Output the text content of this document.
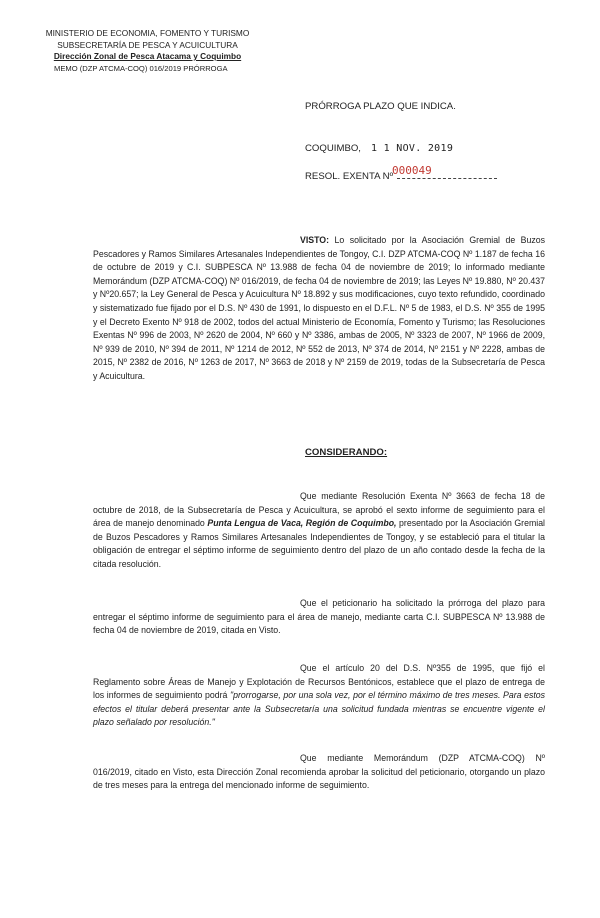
MINISTERIO DE ECONOMIA, FOMENTO Y TURISMO
SUBSECRETARÍA DE PESCA Y ACUICULTURA
Dirección Zonal de Pesca Atacama y Coquimbo
MEMO (DZP ATCMA-COQ) 016/2019 PRÓRROGA
PRÓRROGA PLAZO QUE INDICA.
COQUIMBO, 1 1 NOV. 2019
RESOL. EXENTA Nº
000049
VISTO: Lo solicitado por la Asociación Gremial de Buzos Pescadores y Ramos Similares Artesanales Independientes de Tongoy, C.I. DZP ATCMA-COQ Nº 1.187 de fecha 16 de octubre de 2019 y C.I. SUBPESCA Nº 13.988 de fecha 04 de noviembre de 2019; lo informado mediante Memorándum (DZP ATCMA-COQ) Nº 016/2019, de fecha 04 de noviembre de 2019; las Leyes Nº 19.880, Nº 20.437 y Nº20.657; la Ley General de Pesca y Acuicultura Nº 18.892 y sus modificaciones, cuyo texto refundido, coordinado y sistematizado fue fijado por el D.S. Nº 430 de 1991, lo dispuesto en el D.F.L. Nº 5 de 1983, el D.S. Nº 355 de 1995 y el Decreto Exento Nº 918 de 2002, todos del actual Ministerio de Economía, Fomento y Turismo; las Resoluciones Exentas Nº 996 de 2003, Nº 2620 de 2004, Nº 660 y Nº 3386, ambas de 2005, Nº 3323 de 2007, Nº 1966 de 2009, Nº 939 de 2010, Nº 394 de 2011, Nº 1214 de 2012, Nº 552 de 2013, Nº 374 de 2014, Nº 2151 y Nº 2228, ambas de 2015, Nº 2382 de 2016, Nº 1263 de 2017, Nº 3663 de 2018 y Nº 2159 de 2019, todas de la Subsecretaría de Pesca y Acuicultura.
CONSIDERANDO:
Que mediante Resolución Exenta Nº 3663 de fecha 18 de octubre de 2018, de la Subsecretaría de Pesca y Acuicultura, se aprobó el sexto informe de seguimiento para el área de manejo denominado Punta Lengua de Vaca, Región de Coquimbo, presentado por la Asociación Gremial de Buzos Pescadores y Ramos Similares Artesanales Independientes de Tongoy, y se estableció para el titular la obligación de entregar el séptimo informe de seguimiento dentro del plazo de un año contado desde la fecha de la citada resolución.
Que el peticionario ha solicitado la prórroga del plazo para entregar el séptimo informe de seguimiento para el área de manejo, mediante carta C.I. SUBPESCA Nº 13.988 de fecha 04 de noviembre de 2019, citada en Visto.
Que el artículo 20 del D.S. Nº355 de 1995, que fijó el Reglamento sobre Áreas de Manejo y Explotación de Recursos Bentónicos, establece que el plazo de entrega de los informes de seguimiento podrá "prorrogarse, por una sola vez, por el término máximo de tres meses. Para estos efectos el titular deberá presentar ante la Subsecretaría una solicitud fundada mientras se encuentre vigente el plazo señalado por resolución."
Que mediante Memorándum (DZP ATCMA-COQ) Nº 016/2019, citado en Visto, esta Dirección Zonal recomienda aprobar la solicitud del peticionario, otorgando un plazo de tres meses para la entrega del mencionado informe de seguimiento.
